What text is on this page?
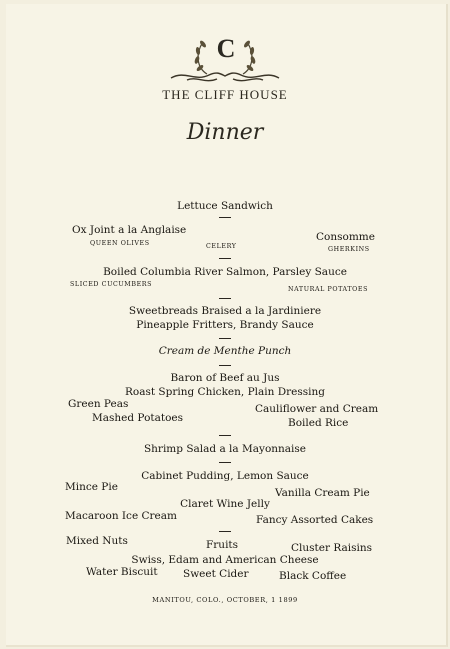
C
THE CLIFF HOUSE
Dinner
Lettuce Sandwich
Ox Joint a la Anglaise
Consomme
QUEEN OLIVES	CELERY	GHERKINS
Boiled Columbia River Salmon, Parsley Sauce
SLICED CUCUMBERS
NATURAL POTATOES
Sweetbreads Braised a la Jardiniere
Pineapple Fritters, Brandy Sauce
Cream de Menthe Punch
Baron of Beef au Jus
Roast Spring Chicken, Plain Dressing
Green Peas	Cauliflower and Cream
Mashed Potatoes	Boiled Rice
Shrimp Salad a la Mayonnaise
Cabinet Pudding, Lemon Sauce
Mince Pie	Vanilla Cream Pie
Claret Wine Jelly
Macaroon Ice Cream	Fancy Assorted Cakes
Mixed Nuts	Fruits	Cluster Raisins
Swiss, Edam and American Cheese
Water Biscuit Sweet Cider	Black Coffee
MANITOU, COLO., OCTOBER, 1 1899
